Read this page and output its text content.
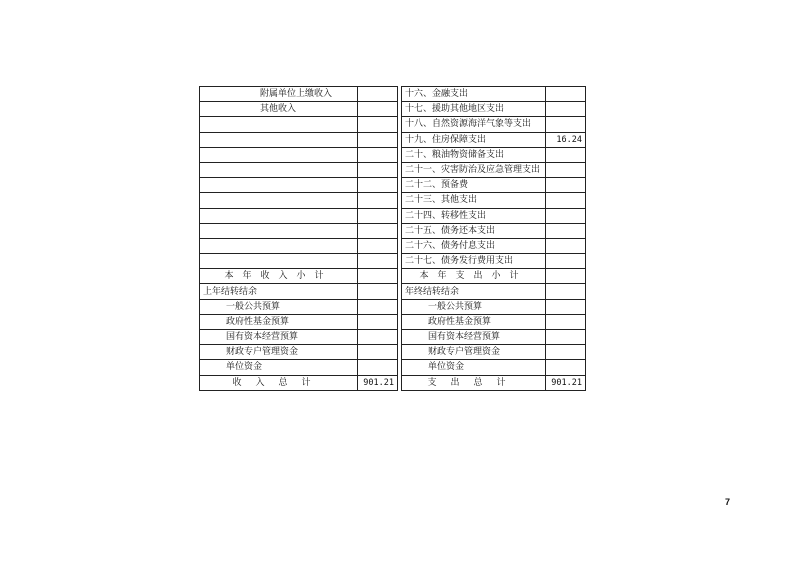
附属单位上缴收入			十六、金融支出	
其他收入			十七、援助其他地区支出	
			十八、自然资源海洋气象等支出	
			十九、住房保障支出	16.24
			二十、粮油物资储备支出	
			二十一、灾害防治及应急管理支出	
			二十二、预备费	
			二十三、其他支出	
			二十四、转移性支出	
			二十五、债务还本支出	
			二十六、债务付息支出	
			二十七、债务发行费用支出	
本年收入小计			本年支出小计	
上年结转结余			年终结转结余	
一般公共预算			一般公共预算	
政府性基金预算			政府性基金预算	
国有资本经营预算			国有资本经营预算	
财政专户管理资金			财政专户管理资金	
单位资金			单位资金	
收入总计	901.21		支出总计	901.21
7
